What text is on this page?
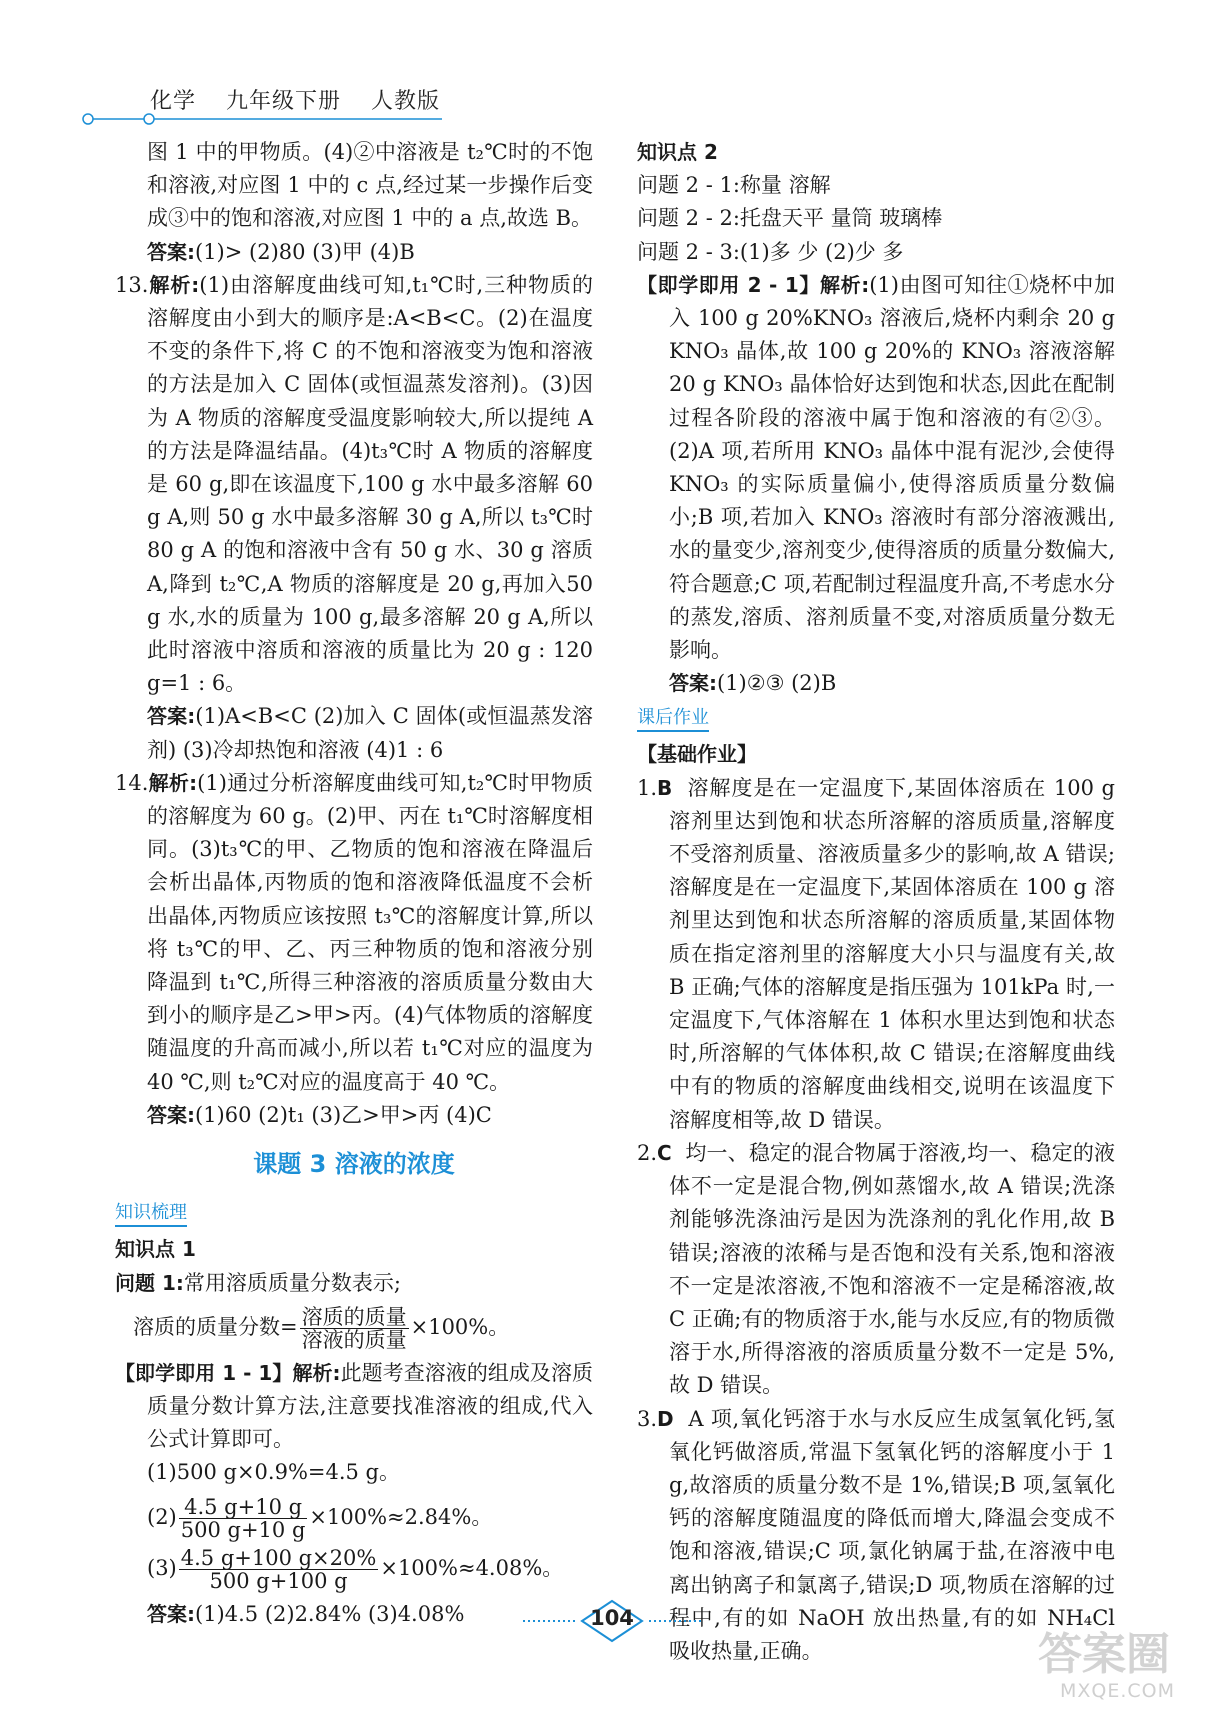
化学 九年级下册 人教版

图 1 中的甲物质。(4)②中溶液是 t₂℃时的不饱和溶液,对应图 1 中的 c 点,经过某一步操作后变成③中的饱和溶液,对应图 1 中的 a 点,故选 B。

答案:(1)> (2)80 (3)甲 (4)B

13.解析:(1)由溶解度曲线可知,t₁℃时,三种物质的溶解度由小到大的顺序是:A<B<C。(2)在温度不变的条件下,将 C 的不饱和溶液变为饱和溶液的方法是加入 C 固体(或恒温蒸发溶剂)。(3)因为 A 物质的溶解度受温度影响较大,所以提纯 A 的方法是降温结晶。(4)t₃℃时 A 物质的溶解度是 60 g,即在该温度下,100 g 水中最多溶解 60 g A,则 50 g 水中最多溶解 30 g A,所以 t₃℃时 80 g A 的饱和溶液中含有 50 g 水、30 g 溶质 A,降到 t₂℃,A 物质的溶解度是 20 g,再加入50 g 水,水的质量为 100 g,最多溶解 20 g A,所以此时溶液中溶质和溶液的质量比为 20 g : 120 g=1 : 6。

答案:(1)A<B<C (2)加入 C 固体(或恒温蒸发溶剂) (3)冷却热饱和溶液 (4)1 : 6

14.解析:(1)通过分析溶解度曲线可知,t₂℃时甲物质的溶解度为 60 g。(2)甲、丙在 t₁℃时溶解度相同。(3)t₃℃的甲、乙物质的饱和溶液在降温后会析出晶体,丙物质的饱和溶液降低温度不会析出晶体,丙物质应该按照 t₃℃的溶解度计算,所以将 t₃℃的甲、乙、丙三种物质的饱和溶液分别降温到 t₁℃,所得三种溶液的溶质质量分数由大到小的顺序是乙>甲>丙。(4)气体物质的溶解度随温度的升高而减小,所以若 t₁℃对应的温度为 40 ℃,则 t₂℃对应的温度高于 40 ℃。

答案:(1)60 (2)t₁ (3)乙>甲>丙 (4)C

课题 3 溶液的浓度
知识梳理

知识点 1

问题 1:常用溶质质量分数表示;

溶质的质量分数= $\frac{\text{溶质的质量}}{\text{溶液的质量}} \times 100\%$。

【即学即用 1 - 1】解析:此题考查溶液的组成及溶质质量分数计算方法,注意要找准溶液的组成,代入公式计算即可。

(1)500 g×0.9%=4.5 g。

$(2) \frac{4.5 g+10 g}{500 g+10 g} \times 100\%\approx 2.84\%$。

$(3) \frac{4.5 g+100 g\times 20\%}{500 g+100 g} \times 100\%\approx 4.08\%$。

答案:(1)4.5 (2)2.84% (3)4.08%

知识点 2

问题 2 - 1:称量 溶解

问题 2 - 2:托盘天平 量筒 玻璃棒

问题 2 - 3:(1)多 少 (2)少 多

【即学即用 2 - 1】解析:(1)由图可知往①烧杯中加入 100 g 20%KNO₃ 溶液后,烧杯内剩余 20 g KNO₃ 晶体,故 100 g 20%的 KNO₃ 溶液溶解 20 g KNO₃ 晶体恰好达到饱和状态,因此在配制过程各阶段的溶液中属于饱和溶液的有②③。(2)A 项,若所用 KNO₃ 晶体中混有泥沙,会使得 KNO₃ 的实际质量偏小,使得溶质质量分数偏小;B 项,若加入 KNO₃ 溶液时有部分溶液溅出,水的量变少,溶剂变少,使得溶质的质量分数偏大,符合题意;C 项,若配制过程温度升高,不考虑水分的蒸发,溶质、溶剂质量不变,对溶质质量分数无影响。

答案:(1)②③ (2)B

课后作业

【基础作业】

1.B 溶解度是在一定温度下,某固体溶质在 100 g 溶剂里达到饱和状态所溶解的溶质质量,溶解度不受溶剂质量、溶液质量多少的影响,故 A 错误;溶解度是在一定温度下,某固体溶质在 100 g 溶剂里达到饱和状态所溶解的溶质质量,某固体物质在指定溶剂里的溶解度大小只与温度有关,故 B 正确;气体的溶解度是指压强为 101kPa 时,一定温度下,气体溶解在 1 体积水里达到饱和状态时,所溶解的气体体积,故 C 错误;在溶解度曲线中有的物质的溶解度曲线相交,说明在该温度下溶解度相等,故 D 错误。

2.C 均一、稳定的混合物属于溶液,均一、稳定的液体不一定是混合物,例如蒸馏水,故 A 错误;洗涤剂能够洗涤油污是因为洗涤剂的乳化作用,故 B 错误;溶液的浓稀与是否饱和没有关系,饱和溶液不一定是浓溶液,不饱和溶液不一定是稀溶液,故 C 正确;有的物质溶于水,能与水反应,有的物质微溶于水,所得溶液的溶质质量分数不一定是 5%,故 D 错误。

3.D A 项,氧化钙溶于水与水反应生成氢氧化钙,氢氧化钙做溶质,常温下氢氧化钙的溶解度小于 1 g,故溶质的质量分数不是 1%,错误;B 项,氢氧化钙的溶解度随温度的降低而增大,降温会变成不饱和溶液,错误;C 项,氯化钠属于盐,在溶液中电离出钠离子和氯离子,错误;D 项,物质在溶解的过程中,有的如 NaOH 放出热量,有的如 NH₄Cl 吸收热量,正确。

104
答案圈
MXQE.COM
